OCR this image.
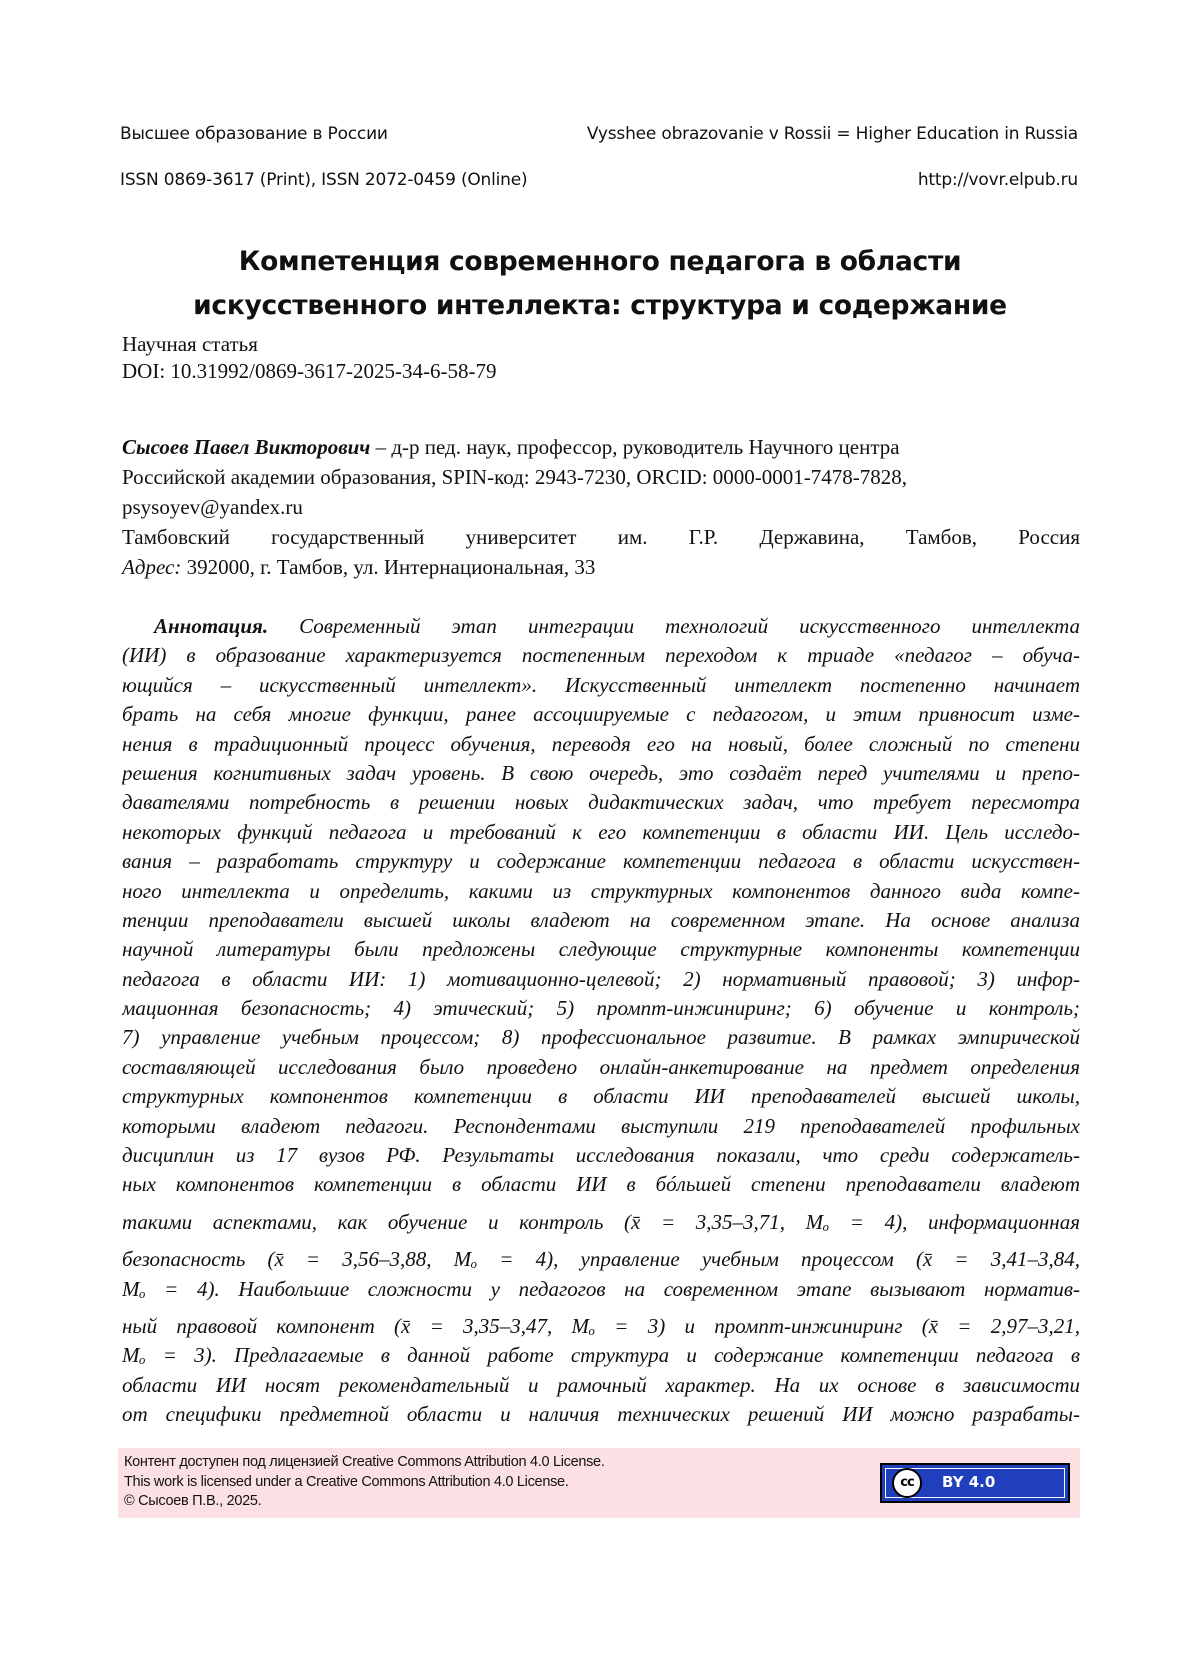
Высшее образование в России	Vysshee obrazovanie v Rossii = Higher Education in Russia
ISSN 0869-3617 (Print), ISSN 2072-0459 (Online)	http://vovr.elpub.ru
Компетенция современного педагога в области
искусственного интеллекта: структура и содержание
Научная статья
DOI: 10.31992/0869-3617-2025-34-6-58-79
Сысоев Павел Викторович – д-р пед. наук, профессор, руководитель Научного центра
Российской академии образования, SPIN-код: 2943-7230, ORCID: 0000-0001-7478-7828,
psysoyev@yandex.ru
Тамбовский государственный университет им. Г.Р. Державина, Тамбов, Россия
Адрес: 392000, г. Тамбов, ул. Интернациональная, 33
Аннотация. Современный этап интеграции технологий искусственного интеллекта
(ИИ) в образование характеризуется постепенным переходом к триаде «педагог – обуча-
ющийся – искусственный интеллект». Искусственный интеллект постепенно начинает
брать на себя многие функции, ранее ассоциируемые с педагогом, и этим привносит изме-
нения в традиционный процесс обучения, переводя его на новый, более сложный по степени
решения когнитивных задач уровень. В свою очередь, это создаёт перед учителями и препо-
давателями потребность в решении новых дидактических задач, что требует пересмотра
некоторых функций педагога и требований к его компетенции в области ИИ. Цель исследо-
вания – разработать структуру и содержание компетенции педагога в области искусствен-
ного интеллекта и определить, какими из структурных компонентов данного вида компе-
тенции преподаватели высшей школы владеют на современном этапе. На основе анализа
научной литературы были предложены следующие структурные компоненты компетенции
педагога в области ИИ: 1) мотивационно-целевой; 2) нормативный правовой; 3) инфор-
мационная безопасность; 4) этический; 5) промпт-инжиниринг; 6) обучение и контроль;
7) управление учебным процессом; 8) профессиональное развитие. В рамках эмпирической
составляющей исследования было проведено онлайн-анкетирование на предмет определения
структурных компонентов компетенции в области ИИ преподавателей высшей школы,
которыми владеют педагоги. Респондентами выступили 219 преподавателей профильных
дисциплин из 17 вузов РФ. Результаты исследования показали, что среди содержатель-
ных компонентов компетенции в области ИИ в бóльшей степени преподаватели владеют
такими аспектами, как обучение и контроль (x̄ = 3,35–3,71, Mₒ = 4), информационная
безопасность (x̄ = 3,56–3,88, Mₒ = 4), управление учебным процессом (x̄ = 3,41–3,84,
Mₒ = 4). Наибольшие сложности у педагогов на современном этапе вызывают норматив-
ный правовой компонент (x̄ = 3,35–3,47, Mₒ = 3) и промпт-инжиниринг (x̄ = 2,97–3,21,
Mₒ = 3). Предлагаемые в данной работе структура и содержание компетенции педагога в
области ИИ носят рекомендательный и рамочный характер. На их основе в зависимости
от специфики предметной области и наличия технических решений ИИ можно разрабаты-
Контент доступен под лицензией Creative Commons Attribution 4.0 License.
This work is licensed under a Creative Commons Attribution 4.0 License.
© Сысоев П.В., 2025.
cc	BY 4.0
